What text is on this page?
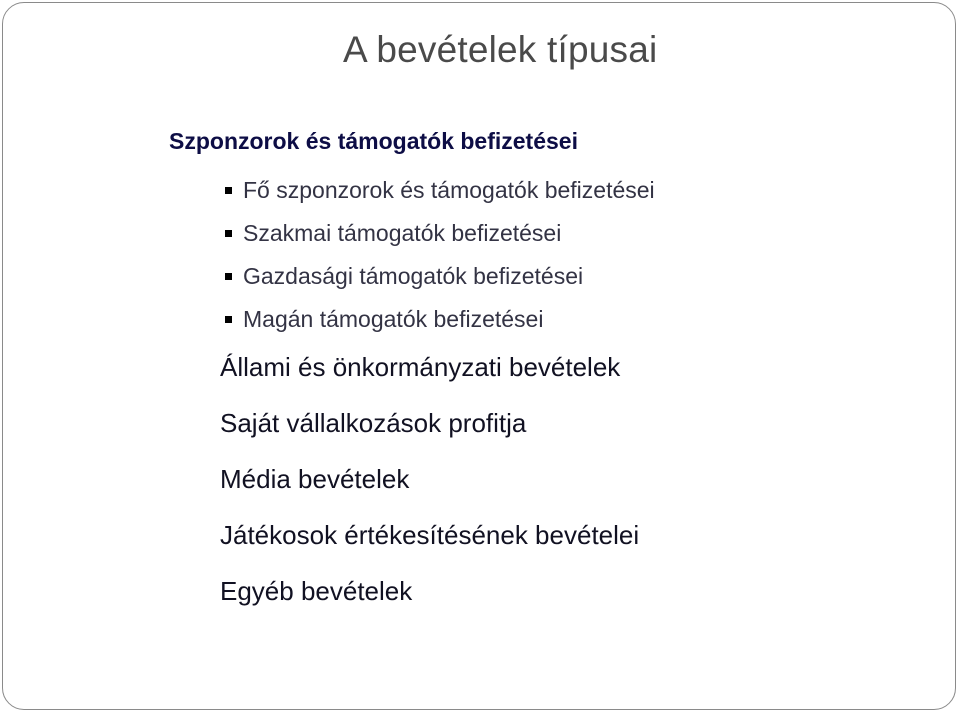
A bevételek típusai
Szponzorok és támogatók befizetései
Fő szponzorok és támogatók befizetései
Szakmai támogatók befizetései
Gazdasági támogatók befizetései
Magán támogatók befizetései
Állami és önkormányzati bevételek
Saját vállalkozások profitja
Média bevételek
Játékosok értékesítésének bevételei
Egyéb bevételek
